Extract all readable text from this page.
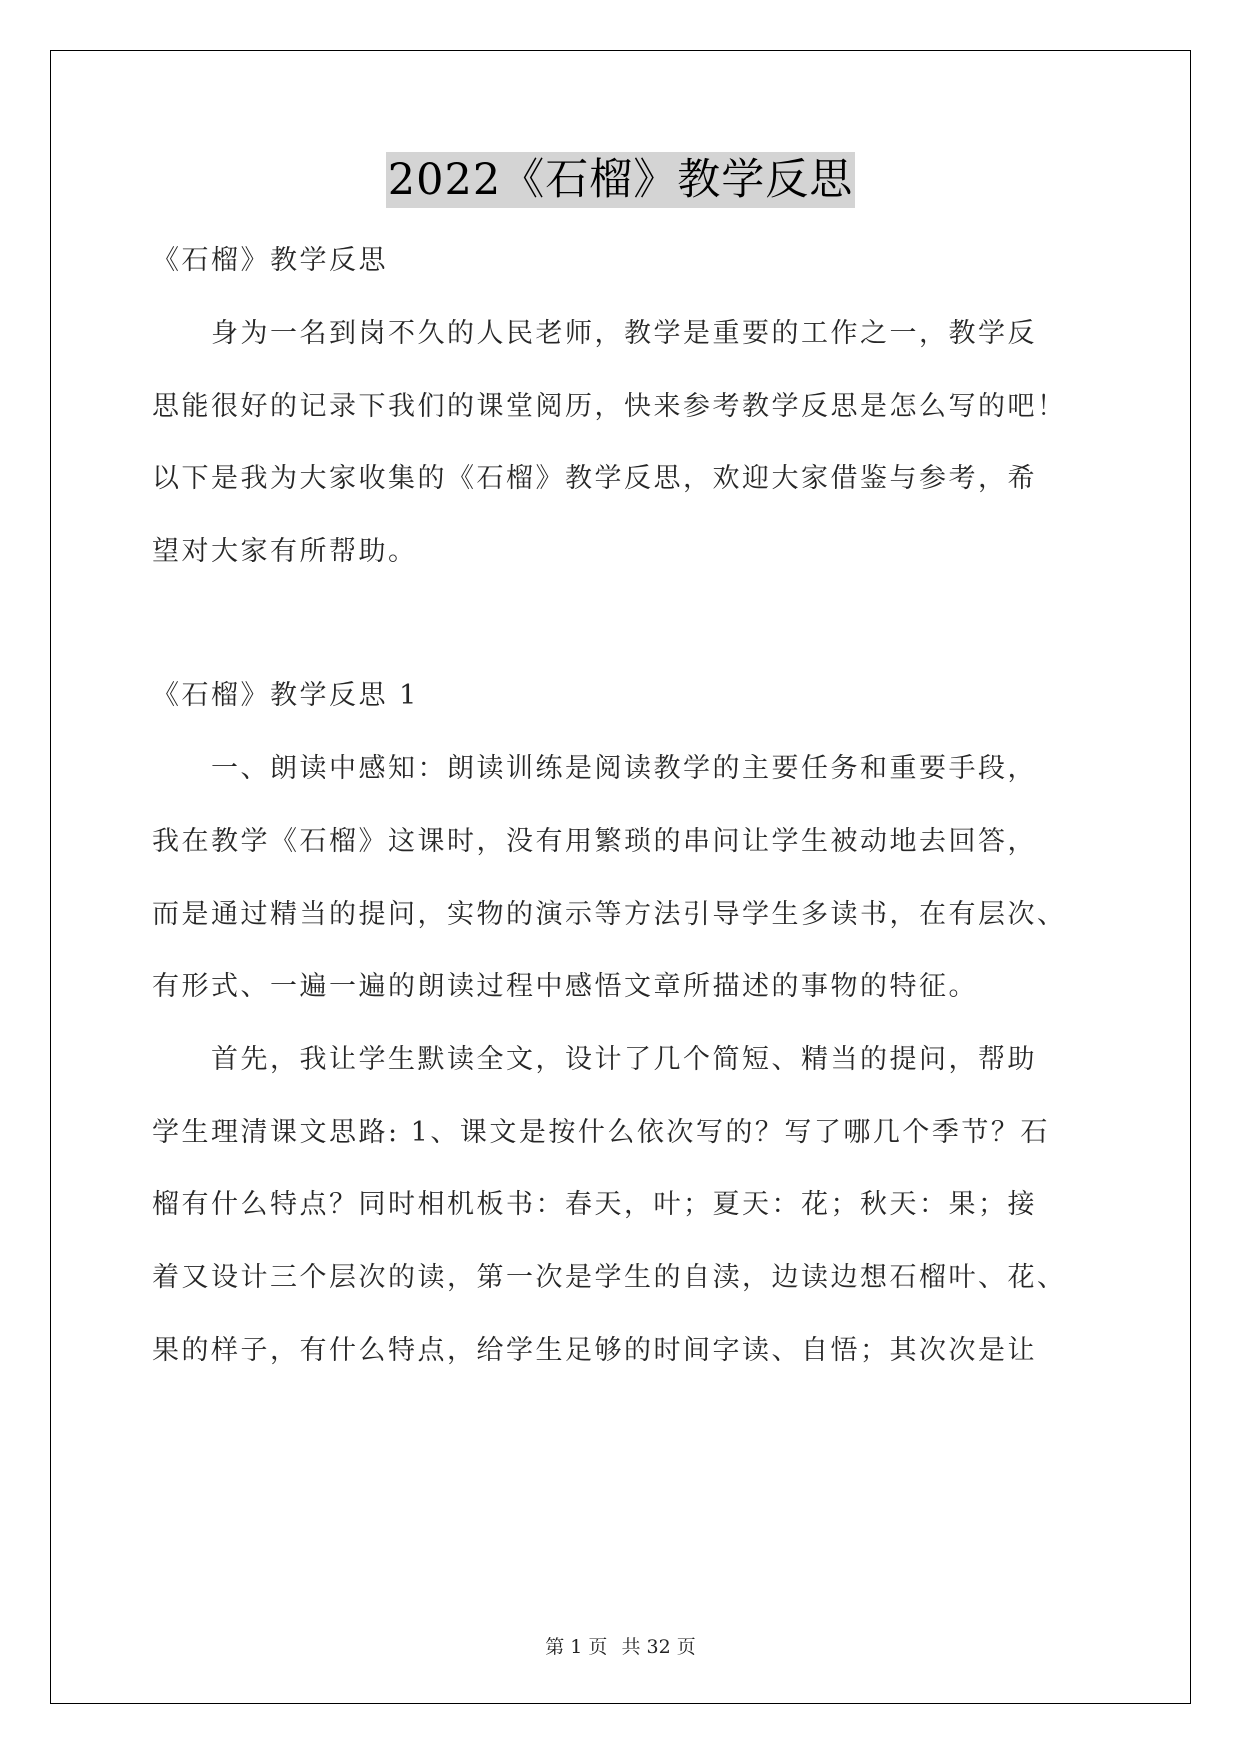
2022《石榴》教学反思
《石榴》教学反思
　　身为一名到岗不久的人民老师，教学是重要的工作之一，教学反
思能很好的记录下我们的课堂阅历，快来参考教学反思是怎么写的吧！
以下是我为大家收集的《石榴》教学反思，欢迎大家借鉴与参考，希
望对大家有所帮助。
《石榴》教学反思 1
　　一、朗读中感知：朗读训练是阅读教学的主要任务和重要手段，
我在教学《石榴》这课时，没有用繁琐的串问让学生被动地去回答，
而是通过精当的提问，实物的演示等方法引导学生多读书，在有层次、
有形式、一遍一遍的朗读过程中感悟文章所描述的事物的特征。
　　首先，我让学生默读全文，设计了几个简短、精当的提问，帮助
学生理清课文思路: 1、课文是按什么依次写的？写了哪几个季节？石
榴有什么特点？同时相机板书：春天，叶；夏天：花；秋天：果；接
着又设计三个层次的读，第一次是学生的自渎，边读边想石榴叶、花、
果的样子，有什么特点，给学生足够的时间字读、自悟；其次次是让
第 1 页 共 32 页
